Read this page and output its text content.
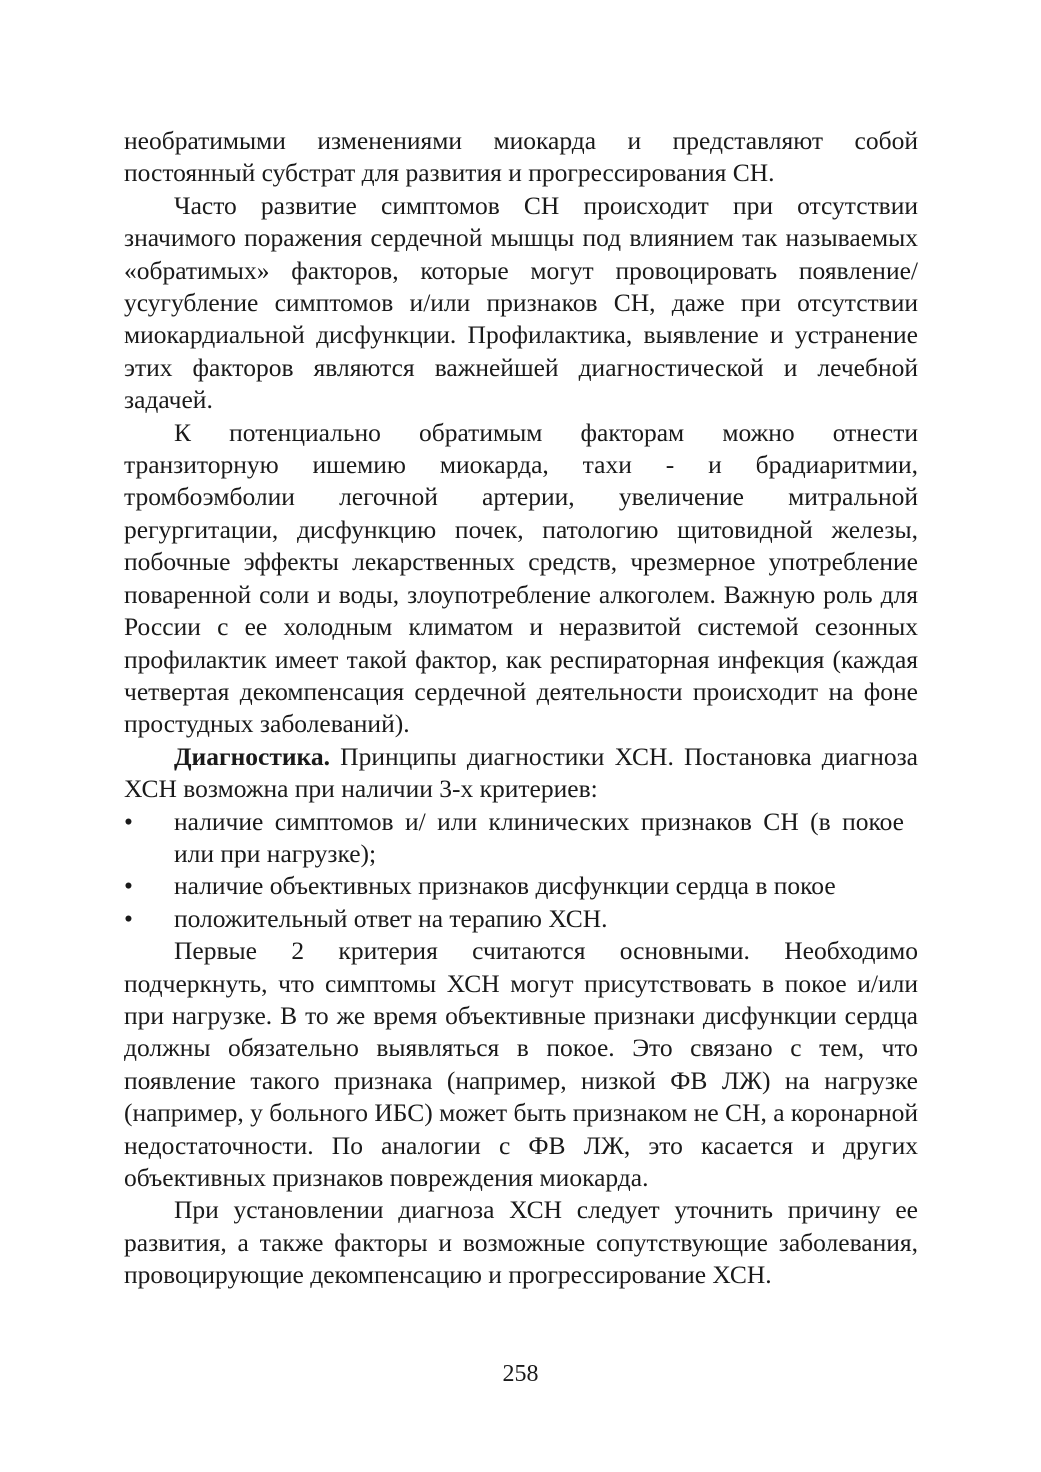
необратимыми изменениями миокарда и представляют собой постоянный субстрат для развития и прогрессирования СН.

Часто развитие симптомов СН происходит при отсутствии значимого поражения сердечной мышцы под влиянием так называемых «обратимых» факторов, которые могут провоцировать появление/усугубление симптомов и/или признаков СН, даже при отсутствии миокардиальной дисфункции. Профилактика, выявление и устранение этих факторов являются важнейшей диагностической и лечебной задачей.

К потенциально обратимым факторам можно отнести транзиторную ишемию миокарда, тахи - и брадиаритмии, тромбоэмболии легочной артерии, увеличение митральной регургитации, дисфункцию почек, патологию щитовидной железы, побочные эффекты лекарственных средств, чрезмерное употребление поваренной соли и воды, злоупотребление алкоголем. Важную роль для России с ее холодным климатом и неразвитой системой сезонных профилактик имеет такой фактор, как респираторная инфекция (каждая четвертая декомпенсация сердечной деятельности происходит на фоне простудных заболеваний).

Диагностика. Принципы диагностики ХСН. Постановка диагноза ХСН возможна при наличии 3-х критериев:

• наличие симптомов и/ или клинических признаков СН (в покое или при нагрузке);
• наличие объективных признаков дисфункции сердца в покое
• положительный ответ на терапию ХСН.

Первые 2 критерия считаются основными. Необходимо подчеркнуть, что симптомы ХСН могут присутствовать в покое и/или при нагрузке. В то же время объективные признаки дисфункции сердца должны обязательно выявляться в покое. Это связано с тем, что появление такого признака (например, низкой ФВ ЛЖ) на нагрузке (например, у больного ИБС) может быть признаком не СН, а коронарной недостаточности. По аналогии с ФВ ЛЖ, это касается и других объективных признаков повреждения миокарда.

При установлении диагноза ХСН следует уточнить причину ее развития, а также факторы и возможные сопутствующие заболевания, провоцирующие декомпенсацию и прогрессирование ХСН.

258
